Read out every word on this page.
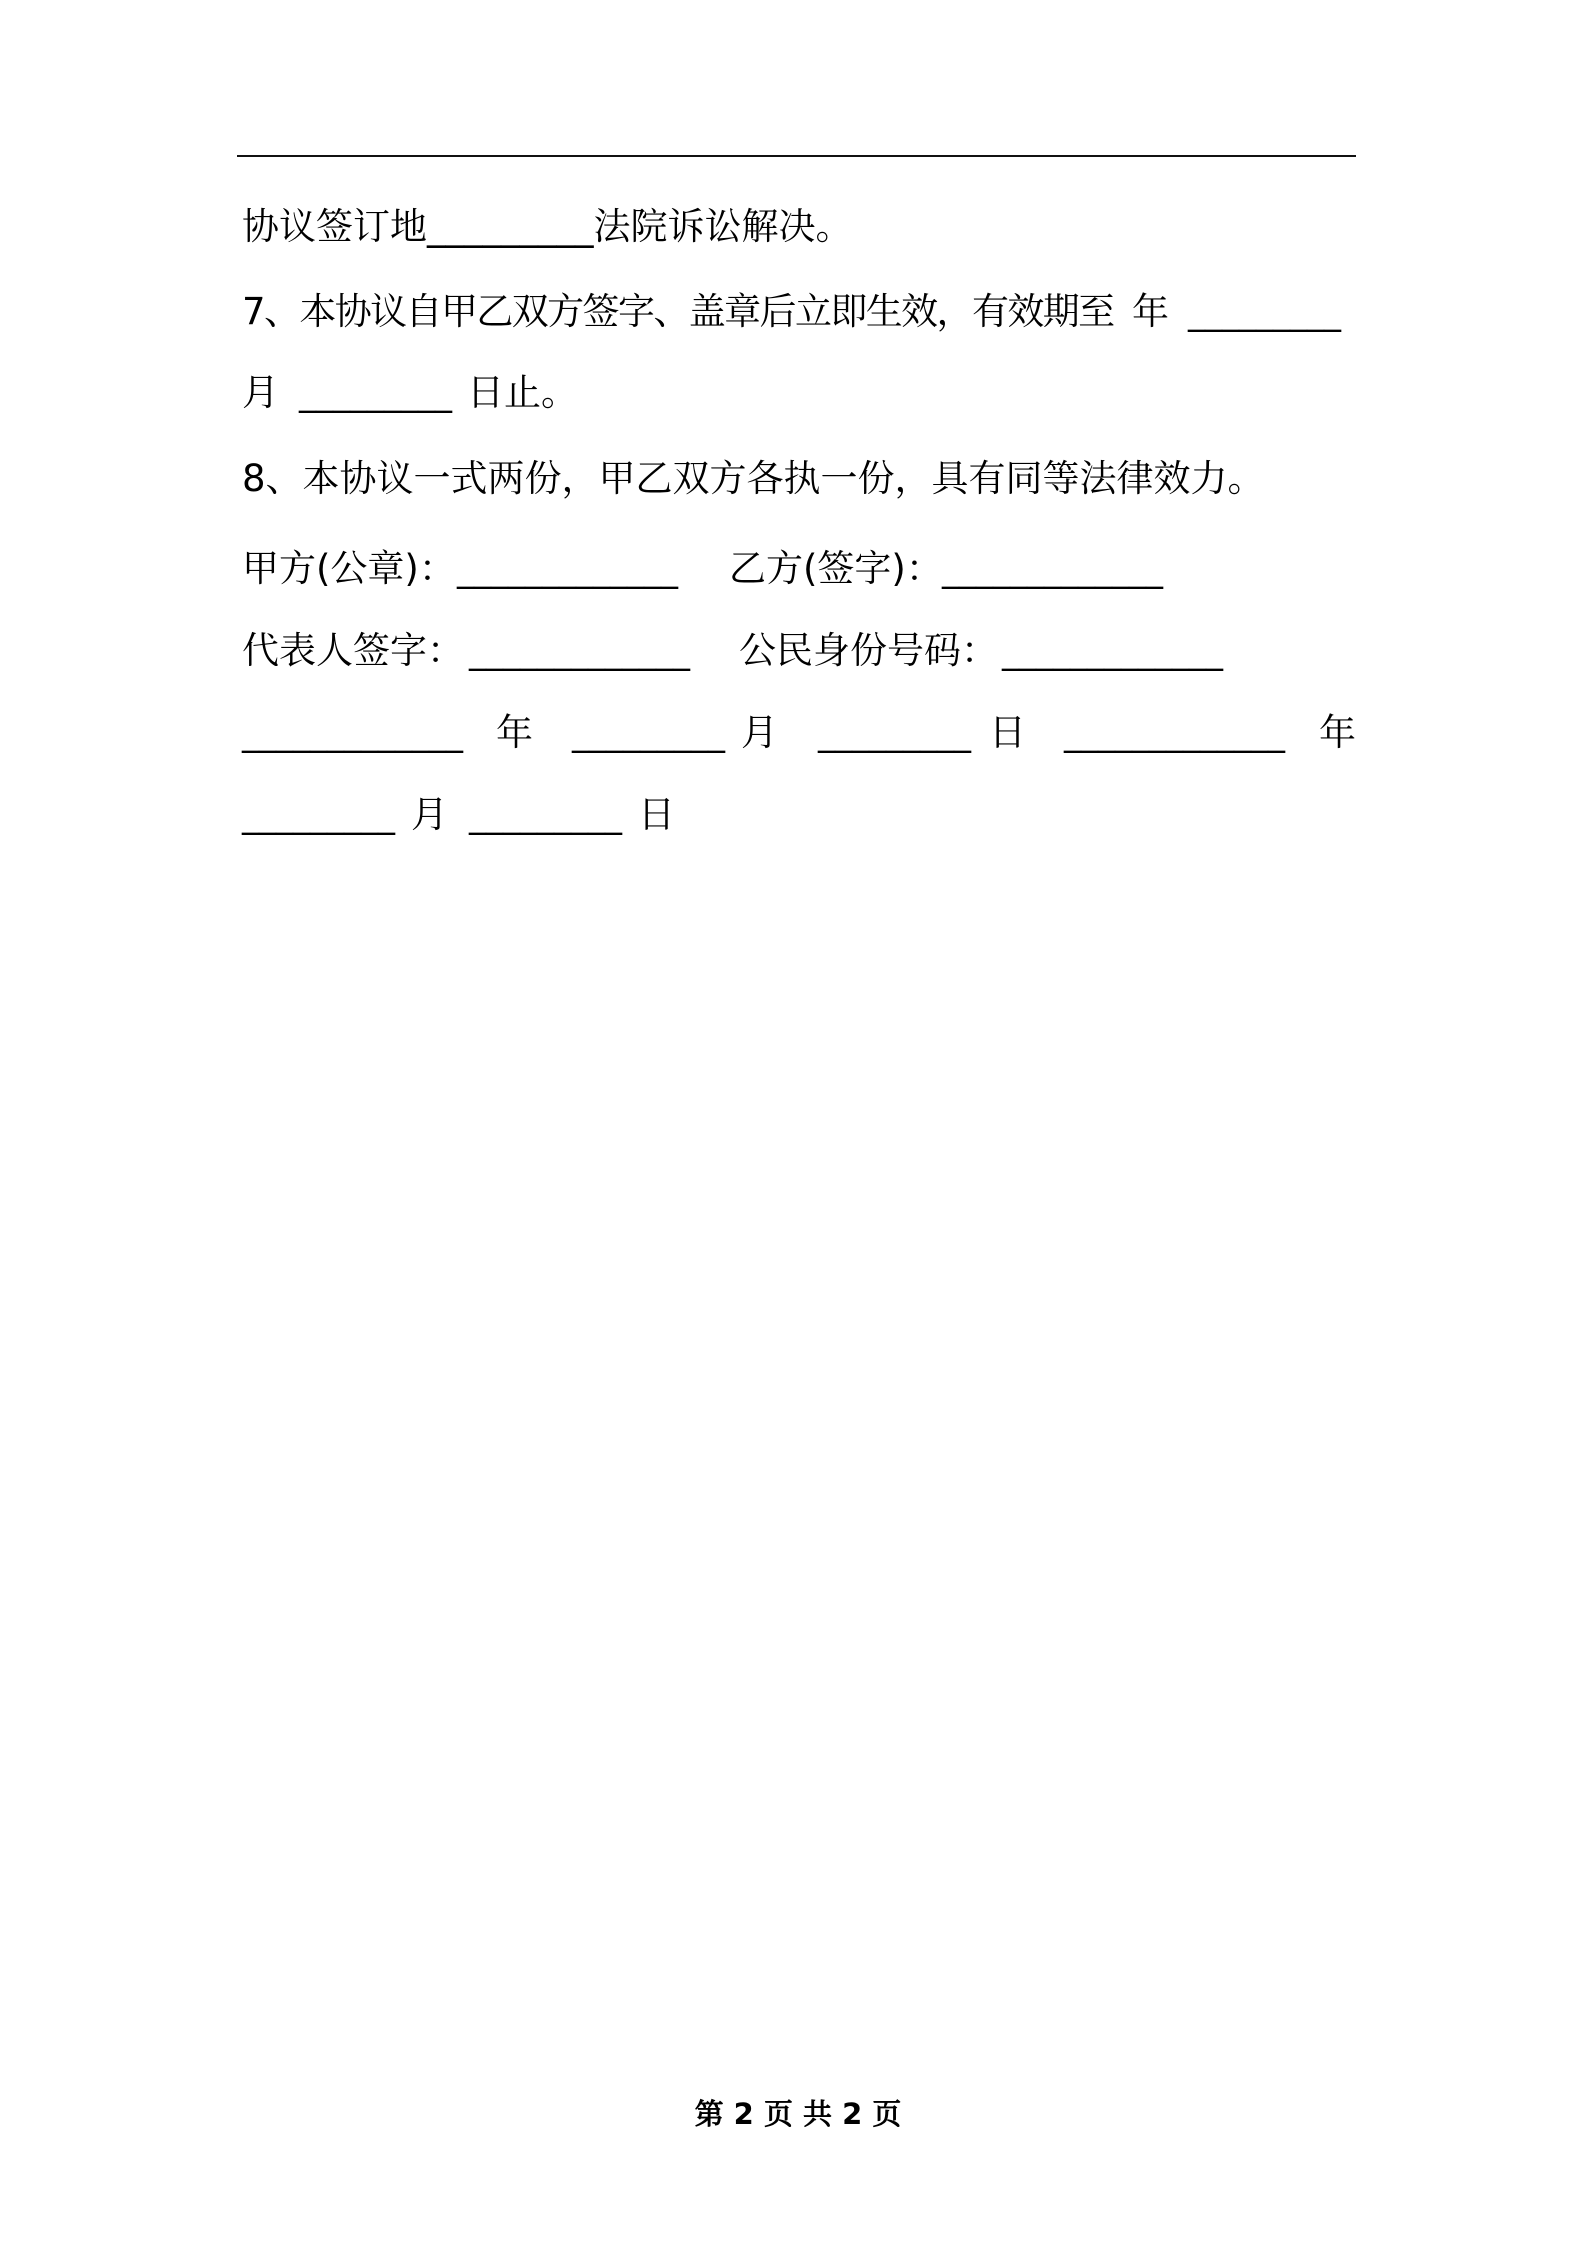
协议签订地_________法院诉讼解决。
7、本协议自甲乙双方签字、盖章后立即生效，有效期至 年 _________
月 _________ 日止。
8、本协议一式两份，甲乙双方各执一份，具有同等法律效力。
甲方(公章)： _____________ 乙方(签字)： _____________
代表人签字： _____________ 公民身份号码： _____________
_____________ 年 _________ 月 _________ 日 _____________ 年
_________ 月 _________ 日
第 2 页 共 2 页
